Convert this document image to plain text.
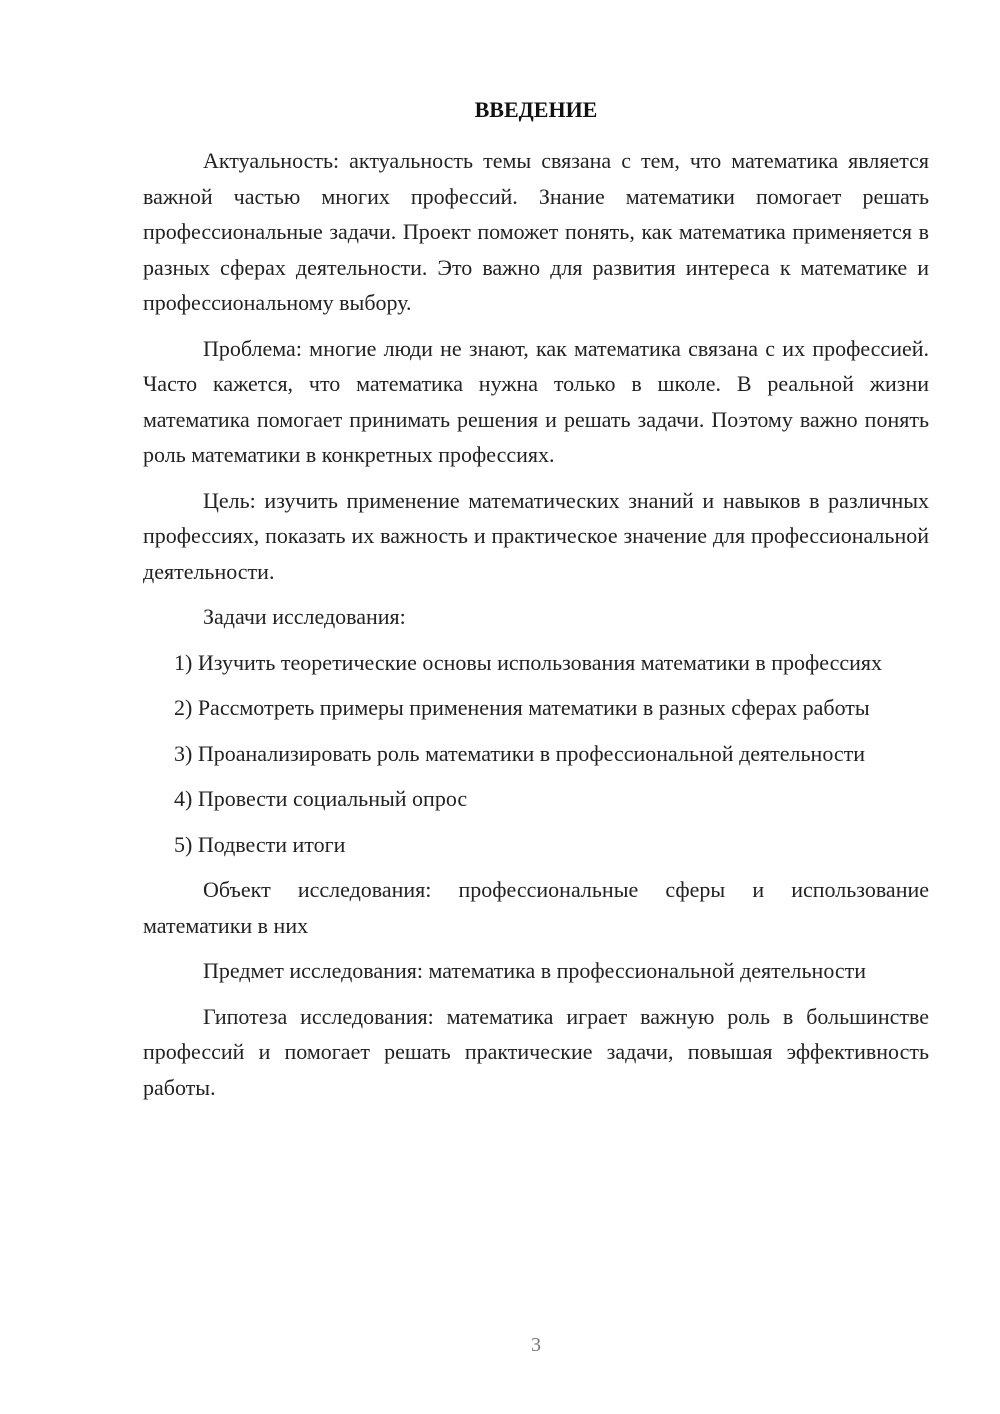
ВВЕДЕНИЕ

Актуальность: актуальность темы связана с тем, что математика является важной частью многих профессий. Знание математики помогает решать профессиональные задачи. Проект поможет понять, как математика применяется в разных сферах деятельности. Это важно для развития интереса к математике и профессиональному выбору.

Проблема: многие люди не знают, как математика связана с их профессией. Часто кажется, что математика нужна только в школе. В реальной жизни математика помогает принимать решения и решать задачи. Поэтому важно понять роль математики в конкретных профессиях.

Цель: изучить применение математических знаний и навыков в различных профессиях, показать их важность и практическое значение для профессиональной деятельности.

Задачи исследования:

1) Изучить теоретические основы использования математики в профессиях

2) Рассмотреть примеры применения математики в разных сферах работы

3) Проанализировать роль математики в профессиональной деятельности

4) Провести социальный опрос

5) Подвести итоги

Объект исследования: профессиональные сферы и использование математики в них

Предмет исследования: математика в профессиональной деятельности

Гипотеза исследования: математика играет важную роль в большинстве профессий и помогает решать практические задачи, повышая эффективность работы.

3
